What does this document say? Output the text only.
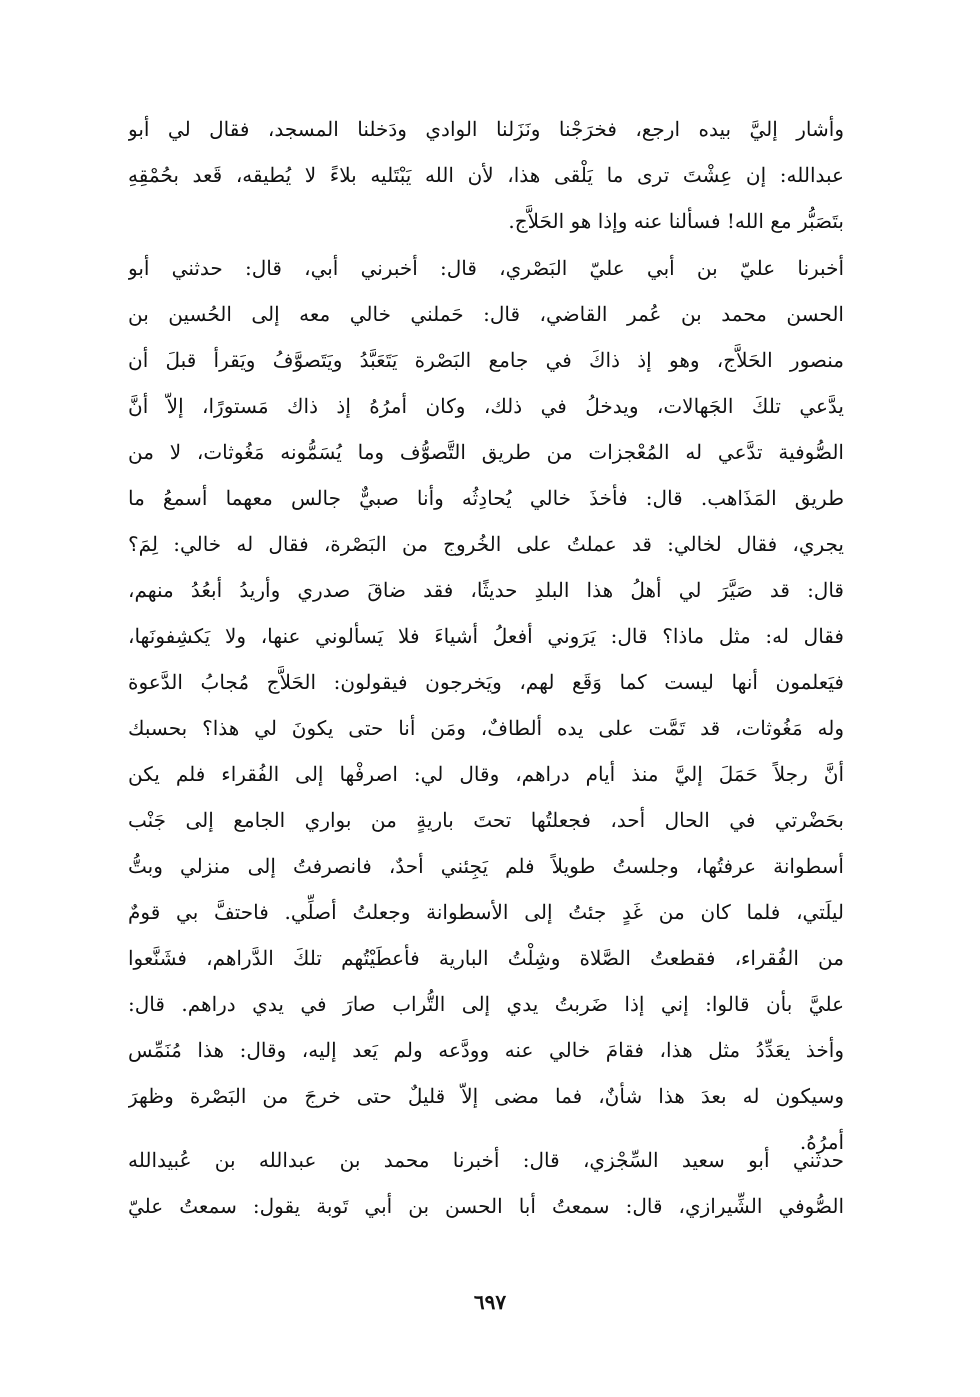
وأشار إليَّ بيده ارجع، فخرَجْنا ونَزَلنا الوادي ودَخلنا المسجد، فقال لي أبو
عبدالله: إن عِشْتَ ترى ما يَلْقى هذا، لأن الله يَبْتَليه بلاءً لا يُطيقه، قَعد بحُمْقِهِ
بتَصَبُّر مع الله! فسألنا عنه وإذا هو الحَلاَّج.
أخبرنا عليّ بن أبي عليّ البَصْري، قال: أخبرني أبي، قال: حدثني أبو
الحسن محمد بن عُمر القاضي، قال: حَملني خالي معه إلى الحُسين بن
منصور الحَلاَّج، وهو إذ ذاكَ في جامع البَصْرة يَتَعَبَّدُ ويَتَصوَّفُ ويَقرأ قبلَ أن
يدَّعي تلكَ الجَهالات، ويدخلُ في ذلك، وكان أمرُهُ إذ ذاك مَستورًا، إلاّ أنَّ
الصُّوفية تدَّعي له المُعْجزات من طريق التَّصوُّف وما يُسَمُّونه مَغُوثات، لا من
طريق المَذَاهب. قال: فأخذَ خالي يُحادِثُه وأنا صبيٌّ جالس معهما أسمعُ ما
يجري، فقال لخالي: قد عملتُ على الخُروج من البَصْرة، فقال له خالي: لِمَ؟
قال: قد صَيَّرَ لي أهلُ هذا البلدِ حديثًا، فقد ضاقَ صدري وأريدُ أبعُدُ منهم،
فقال له: مثل ماذا؟ قال: يَرَوني أفعلُ أشياءَ فلا يَسألوني عنها، ولا يَكشِفونَها،
فيَعلمون أنها ليست كما وَقَع لهم، ويَخرجون فيقولون: الحَلاَّج مُجابُ الدَّعوة
وله مَغُوثات، قد تَمَّت على يده ألطافٌ، ومَن أنا حتى يكونَ لي هذا؟ بحسبك
أنَّ رجلاً حَمَلَ إليَّ منذ أيام دراهم، وقال لي: اصرفْها إلى الفُقراء فلم يكن
بحَضْرتي في الحال أحد، فجعلتُها تحتَ باريةٍ من بواري الجامع إلى جَنْب
أسطوانة عرفتُها، وجلستُ طويلاً فلم يَجِئني أحدٌ، فانصرفتُ إلى منزلي وبتُّ
ليلَتي، فلما كان من غَدٍ جئتُ إلى الأسطوانة وجعلتُ أصلِّي. فاحتفَّ بي قومٌ
من الفُقراء، فقطعتُ الصَّلاة وشِلْتُ البارية فأعطَيْتُهم تلكَ الدَّراهم، فشَنَّعوا
عليَّ بأن قالوا: إني إذا ضَربتُ يدي إلى التُّراب صارَ في يدي دراهم. قال:
وأخذ يعَدِّدُ مثل هذا، فقامَ خالي عنه وودَّعه ولم يَعد إليه، وقال: هذا مُنَمِّس
وسيكون له بعدَ هذا شأنٌ، فما مضى إلاّ قليلٌ حتى خرجَ من البَصْرة وظهرَ
أمرُهُ.
حدثني أبو سعيد السِّجْزي، قال: أخبرنا محمد بن عبدالله بن عُبيدالله
الصُّوفي الشِّيرازي، قال: سمعتُ أبا الحسن بن أبي تَوبة يقول: سمعتُ عليّ
٦٩٧
